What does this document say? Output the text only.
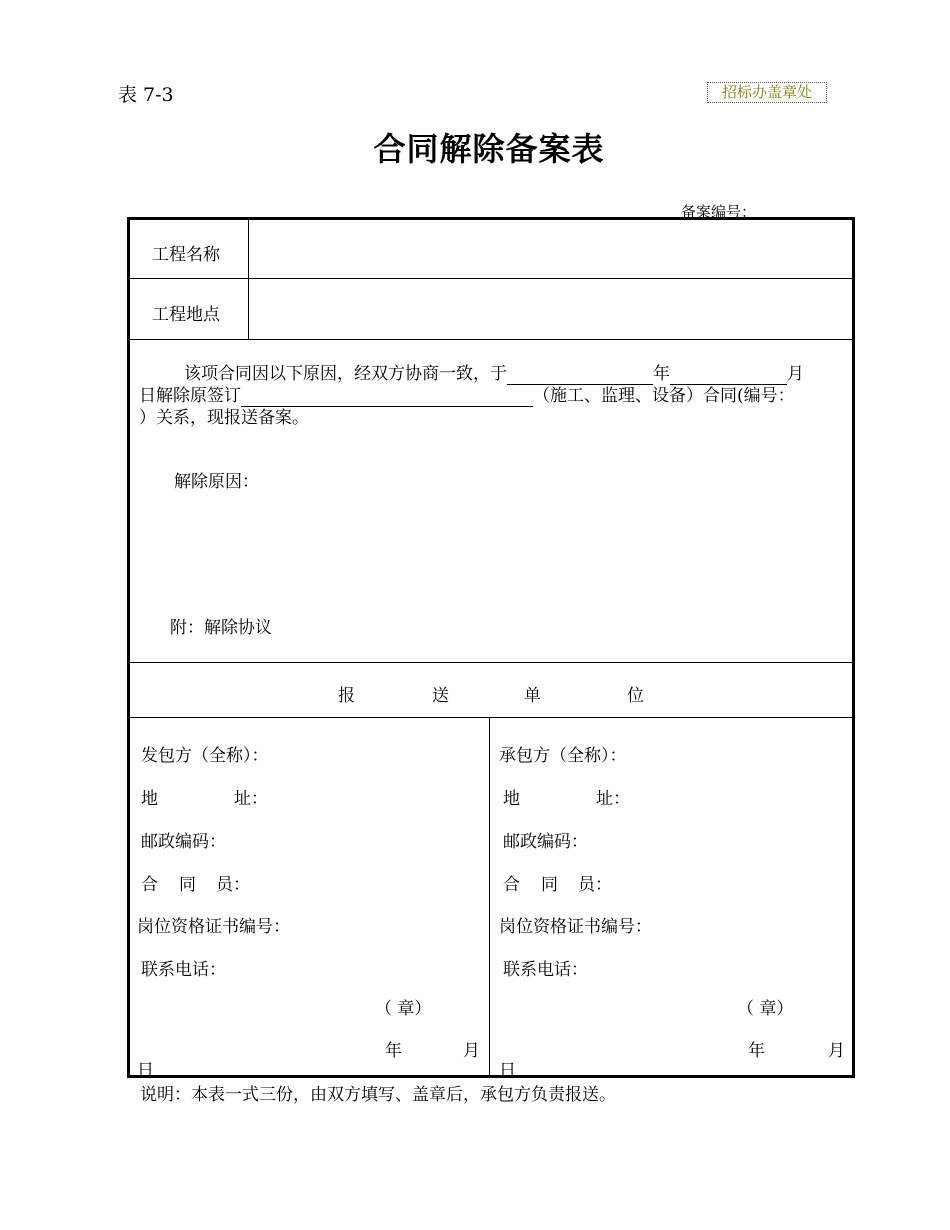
表 7-3	招标办盖章处
合同解除备案表
备案编号：
工程名称
工程地点
该项合同因以下原因，经双方协商一致，于	年	月
日解除原签订	（施工、监理、设备）合同(编号：
）关系，现报送备案。
解除原因：
附：解除协议
报	送	单	位
发包方（全称）：
地	址：
邮政编码：
合 同 员：
岗位资格证书编号：
联系电话：
（ 章）
年	月
日
承包方（全称）：
地	址：
邮政编码：
合 同 员：
岗位资格证书编号：
联系电话：
（ 章）
年	月
日
说明：本表一式三份，由双方填写、盖章后，承包方负责报送。
